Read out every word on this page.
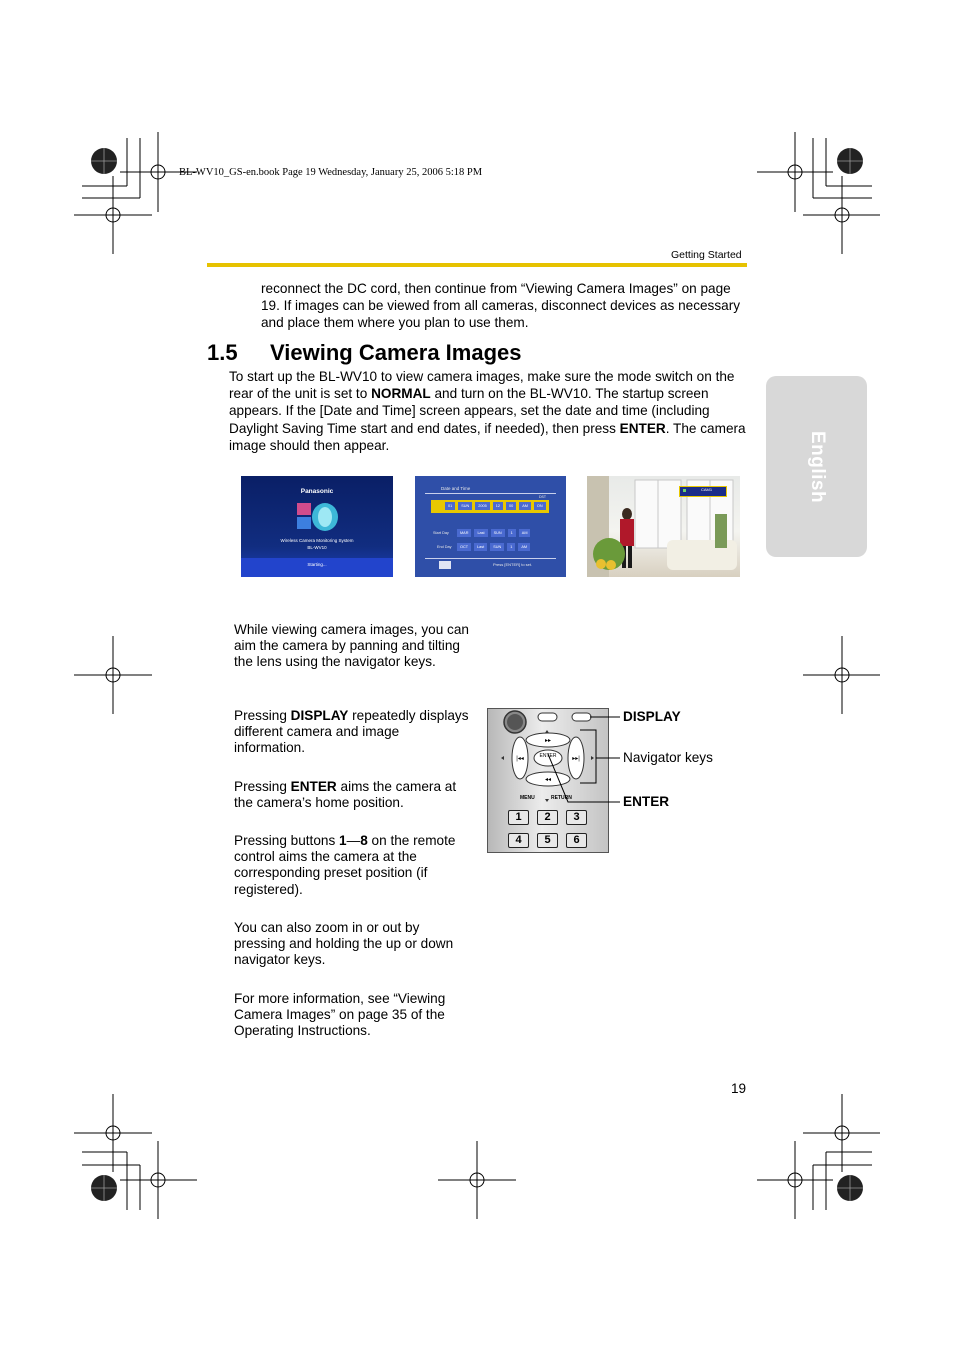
BL-WV10_GS-en.book Page 19 Wednesday, January 25, 2006 5:18 PM
Getting Started
reconnect the DC cord, then continue from “Viewing Camera Images” on page 19. If images can be viewed from all cameras, disconnect devices as necessary and place them where you plan to use them.
1.5 Viewing Camera Images
To start up the BL-WV10 to view camera images, make sure the mode switch on the rear of the unit is set to NORMAL and turn on the BL-WV10. The startup screen appears. If the [Date and Time] screen appears, set the date and time (including Daylight Saving Time start and end dates, if needed), then press ENTER. The camera image should then appear.	English
Panasonic
Wireless Camera Monitoring System
BL-WV10
Starting...
Date and Time
DST
01	SUN	2005	12	00	AM	ON
Start Day	MAR	Last	SUN	1	AM
End Day	OCT	Last	SUN	1	AM
Press [ENTER] to set.
CAM1
While viewing camera images, you can aim the camera by panning and tilting the lens using the navigator keys.
Pressing DISPLAY repeatedly displays different camera and image information.
Pressing ENTER aims the camera at the camera’s home position.
Pressing buttons 1—8 on the remote control aims the camera at the corresponding preset position (if registered).
You can also zoom in or out by pressing and holding the up or down navigator keys.
For more information, see “Viewing Camera Images” on page 35 of the Operating Instructions.
▸▸
◂◂
|◂◂	▸▸|
ENTER
MENU	RETURN
1	2	3
4	5	6
DISPLAY
Navigator keys
ENTER
19
